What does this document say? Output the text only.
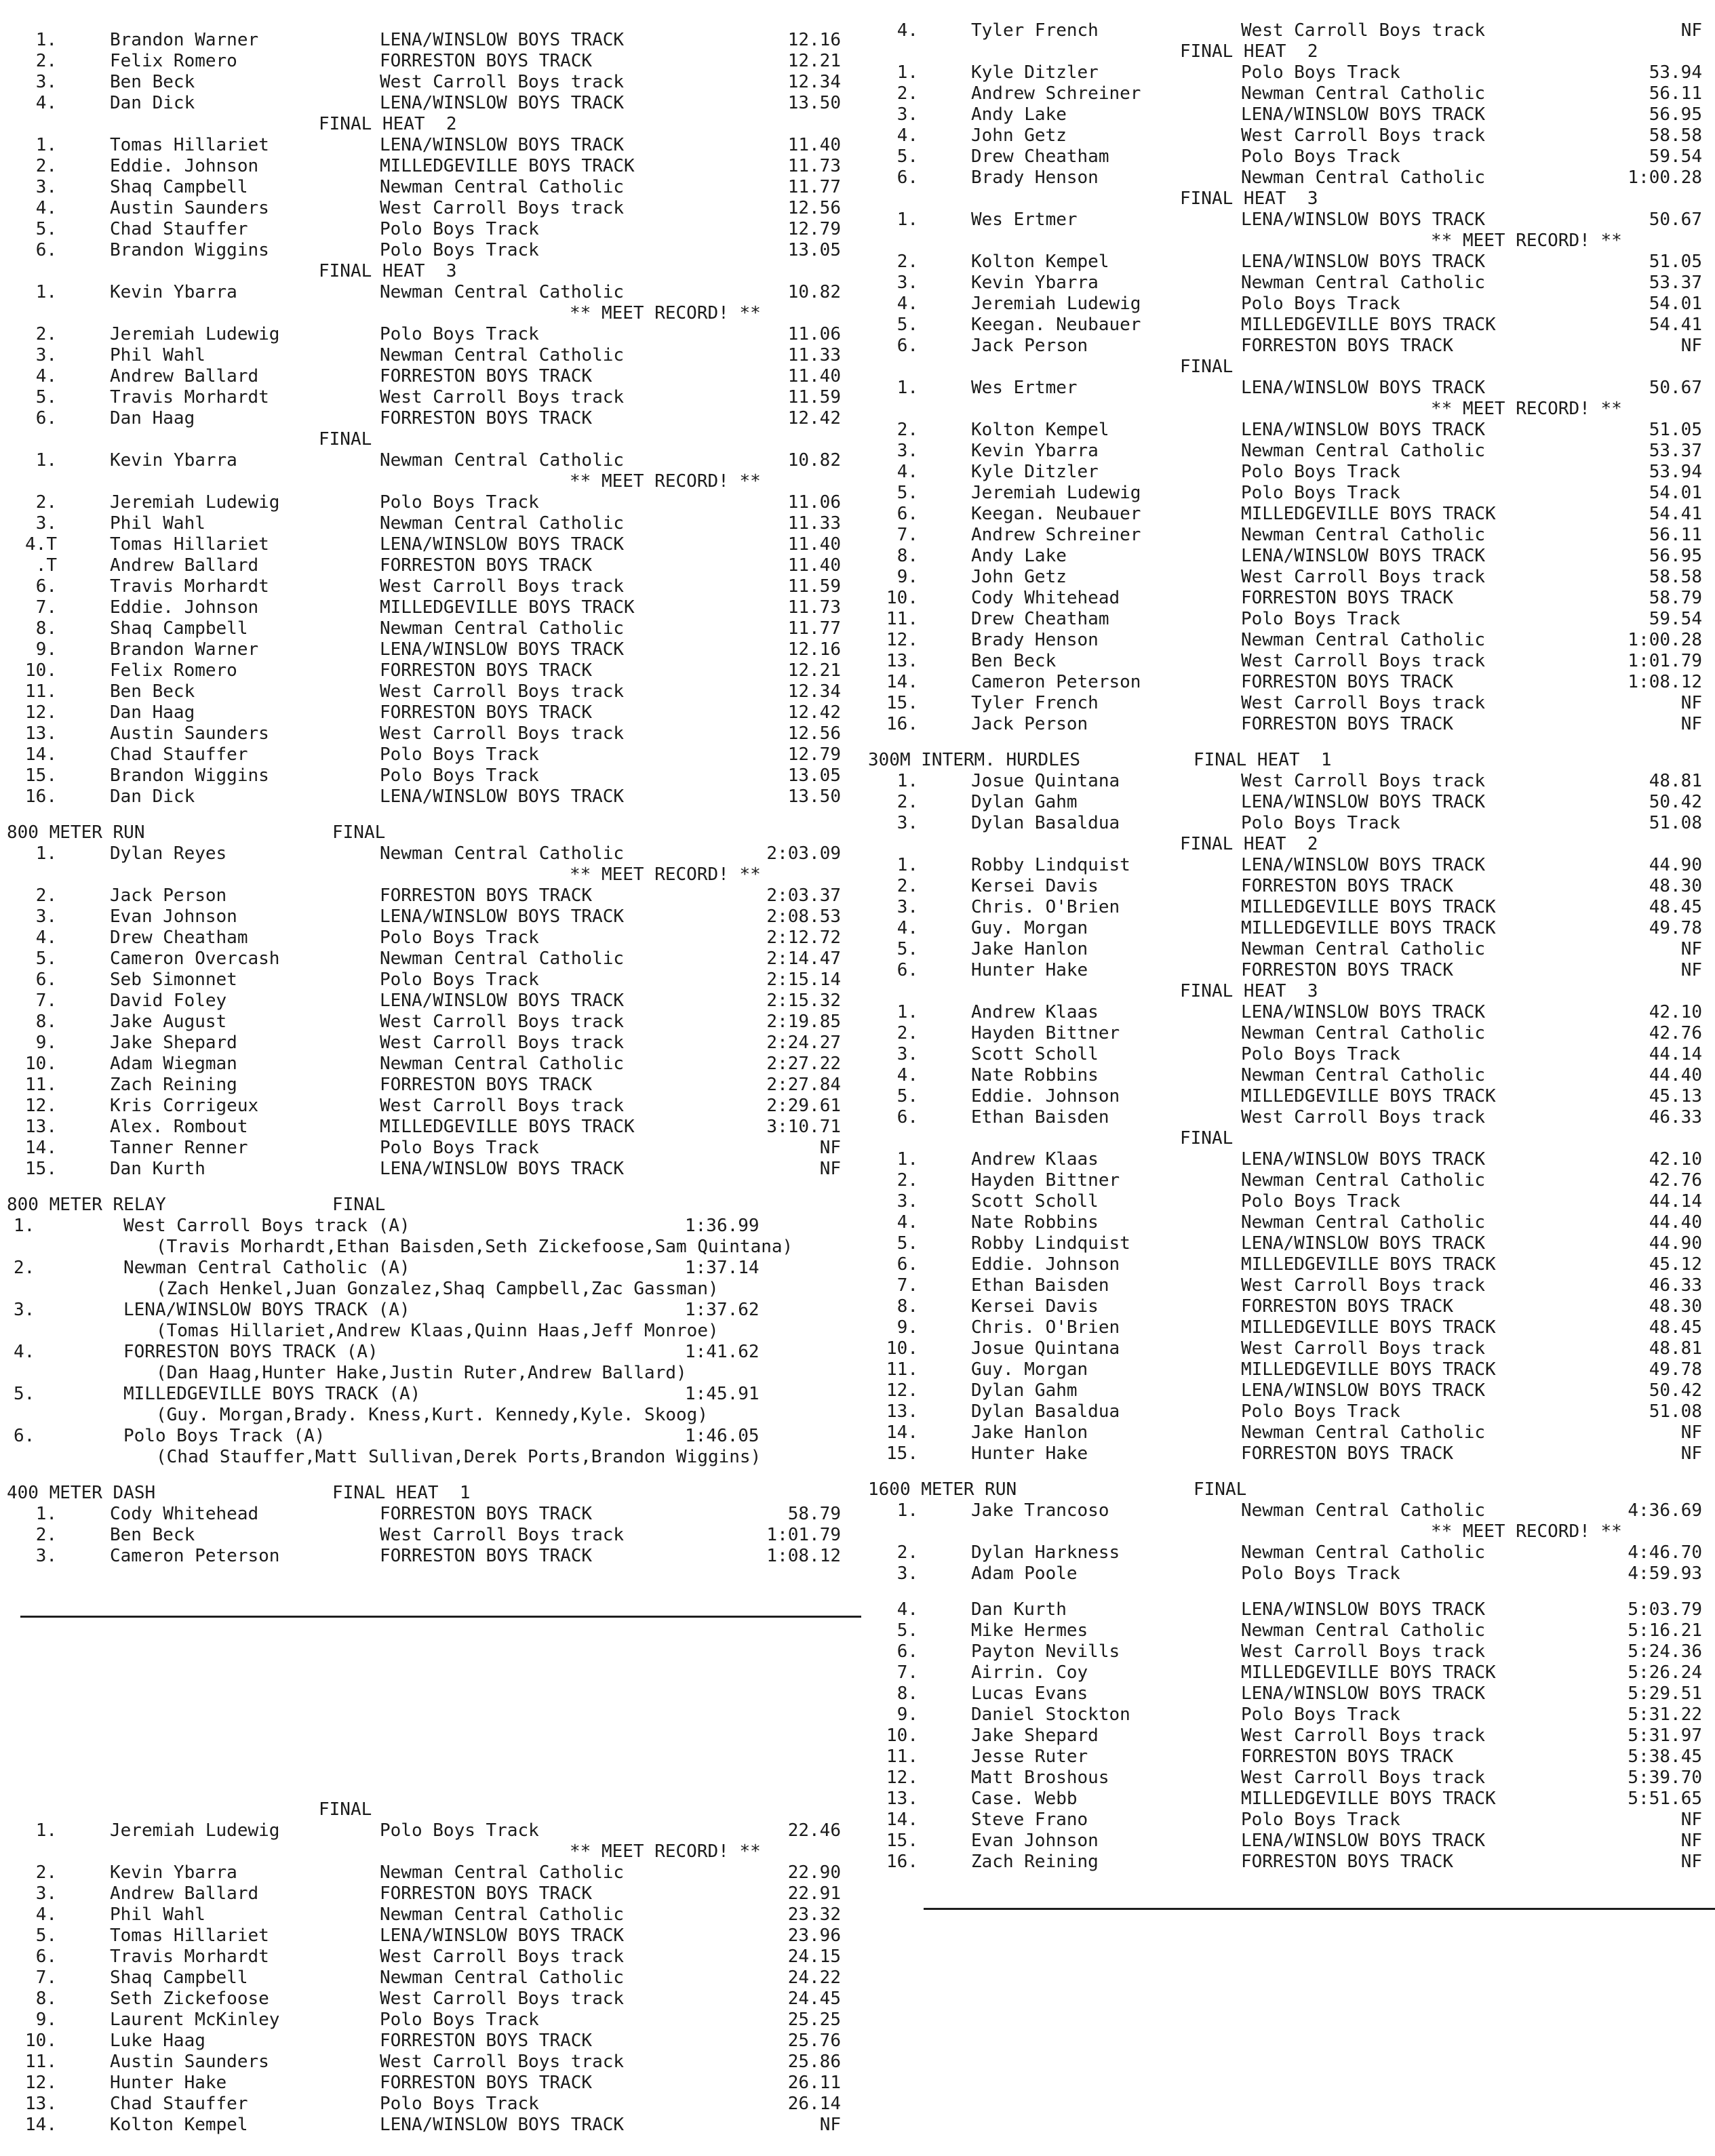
1.	Brandon Warner	LENA/WINSLOW BOYS TRACK	12.16
2.	Felix Romero	FORRESTON BOYS TRACK	12.21
3.	Ben Beck	West Carroll Boys track	12.34
4.	Dan Dick	LENA/WINSLOW BOYS TRACK	13.50
FINAL HEAT  2
1.	Tomas Hillariet	LENA/WINSLOW BOYS TRACK	11.40
2.	Eddie. Johnson	MILLEDGEVILLE BOYS TRACK	11.73
3.	Shaq Campbell	Newman Central Catholic	11.77
4.	Austin Saunders	West Carroll Boys track	12.56
5.	Chad Stauffer	Polo Boys Track	12.79
6.	Brandon Wiggins	Polo Boys Track	13.05
FINAL HEAT  3
1.	Kevin Ybarra	Newman Central Catholic	10.82
** MEET RECORD! **
2.	Jeremiah Ludewig	Polo Boys Track	11.06
3.	Phil Wahl	Newman Central Catholic	11.33
4.	Andrew Ballard	FORRESTON BOYS TRACK	11.40
5.	Travis Morhardt	West Carroll Boys track	11.59
6.	Dan Haag	FORRESTON BOYS TRACK	12.42
FINAL
1.	Kevin Ybarra	Newman Central Catholic	10.82
** MEET RECORD! **
2.	Jeremiah Ludewig	Polo Boys Track	11.06
3.	Phil Wahl	Newman Central Catholic	11.33
4.T	Tomas Hillariet	LENA/WINSLOW BOYS TRACK	11.40
.T	Andrew Ballard	FORRESTON BOYS TRACK	11.40
6.	Travis Morhardt	West Carroll Boys track	11.59
7.	Eddie. Johnson	MILLEDGEVILLE BOYS TRACK	11.73
8.	Shaq Campbell	Newman Central Catholic	11.77
9.	Brandon Warner	LENA/WINSLOW BOYS TRACK	12.16
10.	Felix Romero	FORRESTON BOYS TRACK	12.21
11.	Ben Beck	West Carroll Boys track	12.34
12.	Dan Haag	FORRESTON BOYS TRACK	12.42
13.	Austin Saunders	West Carroll Boys track	12.56
14.	Chad Stauffer	Polo Boys Track	12.79
15.	Brandon Wiggins	Polo Boys Track	13.05
16.	Dan Dick	LENA/WINSLOW BOYS TRACK	13.50
800 METER RUN	FINAL
1.	Dylan Reyes	Newman Central Catholic	2:03.09
** MEET RECORD! **
2.	Jack Person	FORRESTON BOYS TRACK	2:03.37
3.	Evan Johnson	LENA/WINSLOW BOYS TRACK	2:08.53
4.	Drew Cheatham	Polo Boys Track	2:12.72
5.	Cameron Overcash	Newman Central Catholic	2:14.47
6.	Seb Simonnet	Polo Boys Track	2:15.14
7.	David Foley	LENA/WINSLOW BOYS TRACK	2:15.32
8.	Jake August	West Carroll Boys track	2:19.85
9.	Jake Shepard	West Carroll Boys track	2:24.27
10.	Adam Wiegman	Newman Central Catholic	2:27.22
11.	Zach Reining	FORRESTON BOYS TRACK	2:27.84
12.	Kris Corrigeux	West Carroll Boys track	2:29.61
13.	Alex. Rombout	MILLEDGEVILLE BOYS TRACK	3:10.71
14.	Tanner Renner	Polo Boys Track	NF
15.	Dan Kurth	LENA/WINSLOW BOYS TRACK	NF
800 METER RELAY	FINAL
1.	West Carroll Boys track (A)	1:36.99
(Travis Morhardt,Ethan Baisden,Seth Zickefoose,Sam Quintana)
2.	Newman Central Catholic (A)	1:37.14
(Zach Henkel,Juan Gonzalez,Shaq Campbell,Zac Gassman)
3.	LENA/WINSLOW BOYS TRACK (A)	1:37.62
(Tomas Hillariet,Andrew Klaas,Quinn Haas,Jeff Monroe)
4.	FORRESTON BOYS TRACK (A)	1:41.62
(Dan Haag,Hunter Hake,Justin Ruter,Andrew Ballard)
5.	MILLEDGEVILLE BOYS TRACK (A)	1:45.91
(Guy. Morgan,Brady. Kness,Kurt. Kennedy,Kyle. Skoog)
6.	Polo Boys Track (A)	1:46.05
(Chad Stauffer,Matt Sullivan,Derek Ports,Brandon Wiggins)
400 METER DASH	FINAL HEAT  1
1.	Cody Whitehead	FORRESTON BOYS TRACK	58.79
2.	Ben Beck	West Carroll Boys track	1:01.79
3.	Cameron Peterson	FORRESTON BOYS TRACK	1:08.12
FINAL
1.	Jeremiah Ludewig	Polo Boys Track	22.46
** MEET RECORD! **
2.	Kevin Ybarra	Newman Central Catholic	22.90
3.	Andrew Ballard	FORRESTON BOYS TRACK	22.91
4.	Phil Wahl	Newman Central Catholic	23.32
5.	Tomas Hillariet	LENA/WINSLOW BOYS TRACK	23.96
6.	Travis Morhardt	West Carroll Boys track	24.15
7.	Shaq Campbell	Newman Central Catholic	24.22
8.	Seth Zickefoose	West Carroll Boys track	24.45
9.	Laurent McKinley	Polo Boys Track	25.25
10.	Luke Haag	FORRESTON BOYS TRACK	25.76
11.	Austin Saunders	West Carroll Boys track	25.86
12.	Hunter Hake	FORRESTON BOYS TRACK	26.11
13.	Chad Stauffer	Polo Boys Track	26.14
14.	Kolton Kempel	LENA/WINSLOW BOYS TRACK	NF
4.	Tyler French	West Carroll Boys track	NF
FINAL HEAT  2
1.	Kyle Ditzler	Polo Boys Track	53.94
2.	Andrew Schreiner	Newman Central Catholic	56.11
3.	Andy Lake	LENA/WINSLOW BOYS TRACK	56.95
4.	John Getz	West Carroll Boys track	58.58
5.	Drew Cheatham	Polo Boys Track	59.54
6.	Brady Henson	Newman Central Catholic	1:00.28
FINAL HEAT  3
1.	Wes Ertmer	LENA/WINSLOW BOYS TRACK	50.67
** MEET RECORD! **
2.	Kolton Kempel	LENA/WINSLOW BOYS TRACK	51.05
3.	Kevin Ybarra	Newman Central Catholic	53.37
4.	Jeremiah Ludewig	Polo Boys Track	54.01
5.	Keegan. Neubauer	MILLEDGEVILLE BOYS TRACK	54.41
6.	Jack Person	FORRESTON BOYS TRACK	NF
FINAL
1.	Wes Ertmer	LENA/WINSLOW BOYS TRACK	50.67
** MEET RECORD! **
2.	Kolton Kempel	LENA/WINSLOW BOYS TRACK	51.05
3.	Kevin Ybarra	Newman Central Catholic	53.37
4.	Kyle Ditzler	Polo Boys Track	53.94
5.	Jeremiah Ludewig	Polo Boys Track	54.01
6.	Keegan. Neubauer	MILLEDGEVILLE BOYS TRACK	54.41
7.	Andrew Schreiner	Newman Central Catholic	56.11
8.	Andy Lake	LENA/WINSLOW BOYS TRACK	56.95
9.	John Getz	West Carroll Boys track	58.58
10.	Cody Whitehead	FORRESTON BOYS TRACK	58.79
11.	Drew Cheatham	Polo Boys Track	59.54
12.	Brady Henson	Newman Central Catholic	1:00.28
13.	Ben Beck	West Carroll Boys track	1:01.79
14.	Cameron Peterson	FORRESTON BOYS TRACK	1:08.12
15.	Tyler French	West Carroll Boys track	NF
16.	Jack Person	FORRESTON BOYS TRACK	NF
300M INTERM. HURDLES	FINAL HEAT  1
1.	Josue Quintana	West Carroll Boys track	48.81
2.	Dylan Gahm	LENA/WINSLOW BOYS TRACK	50.42
3.	Dylan Basaldua	Polo Boys Track	51.08
FINAL HEAT  2
1.	Robby Lindquist	LENA/WINSLOW BOYS TRACK	44.90
2.	Kersei Davis	FORRESTON BOYS TRACK	48.30
3.	Chris. O'Brien	MILLEDGEVILLE BOYS TRACK	48.45
4.	Guy. Morgan	MILLEDGEVILLE BOYS TRACK	49.78
5.	Jake Hanlon	Newman Central Catholic	NF
6.	Hunter Hake	FORRESTON BOYS TRACK	NF
FINAL HEAT  3
1.	Andrew Klaas	LENA/WINSLOW BOYS TRACK	42.10
2.	Hayden Bittner	Newman Central Catholic	42.76
3.	Scott Scholl	Polo Boys Track	44.14
4.	Nate Robbins	Newman Central Catholic	44.40
5.	Eddie. Johnson	MILLEDGEVILLE BOYS TRACK	45.13
6.	Ethan Baisden	West Carroll Boys track	46.33
FINAL
1.	Andrew Klaas	LENA/WINSLOW BOYS TRACK	42.10
2.	Hayden Bittner	Newman Central Catholic	42.76
3.	Scott Scholl	Polo Boys Track	44.14
4.	Nate Robbins	Newman Central Catholic	44.40
5.	Robby Lindquist	LENA/WINSLOW BOYS TRACK	44.90
6.	Eddie. Johnson	MILLEDGEVILLE BOYS TRACK	45.12
7.	Ethan Baisden	West Carroll Boys track	46.33
8.	Kersei Davis	FORRESTON BOYS TRACK	48.30
9.	Chris. O'Brien	MILLEDGEVILLE BOYS TRACK	48.45
10.	Josue Quintana	West Carroll Boys track	48.81
11.	Guy. Morgan	MILLEDGEVILLE BOYS TRACK	49.78
12.	Dylan Gahm	LENA/WINSLOW BOYS TRACK	50.42
13.	Dylan Basaldua	Polo Boys Track	51.08
14.	Jake Hanlon	Newman Central Catholic	NF
15.	Hunter Hake	FORRESTON BOYS TRACK	NF
1600 METER RUN	FINAL
1.	Jake Trancoso	Newman Central Catholic	4:36.69
** MEET RECORD! **
2.	Dylan Harkness	Newman Central Catholic	4:46.70
3.	Adam Poole	Polo Boys Track	4:59.93
4.	Dan Kurth	LENA/WINSLOW BOYS TRACK	5:03.79
5.	Mike Hermes	Newman Central Catholic	5:16.21
6.	Payton Nevills	West Carroll Boys track	5:24.36
7.	Airrin. Coy	MILLEDGEVILLE BOYS TRACK	5:26.24
8.	Lucas Evans	LENA/WINSLOW BOYS TRACK	5:29.51
9.	Daniel Stockton	Polo Boys Track	5:31.22
10.	Jake Shepard	West Carroll Boys track	5:31.97
11.	Jesse Ruter	FORRESTON BOYS TRACK	5:38.45
12.	Matt Broshous	West Carroll Boys track	5:39.70
13.	Case. Webb	MILLEDGEVILLE BOYS TRACK	5:51.65
14.	Steve Frano	Polo Boys Track	NF
15.	Evan Johnson	LENA/WINSLOW BOYS TRACK	NF
16.	Zach Reining	FORRESTON BOYS TRACK	NF
